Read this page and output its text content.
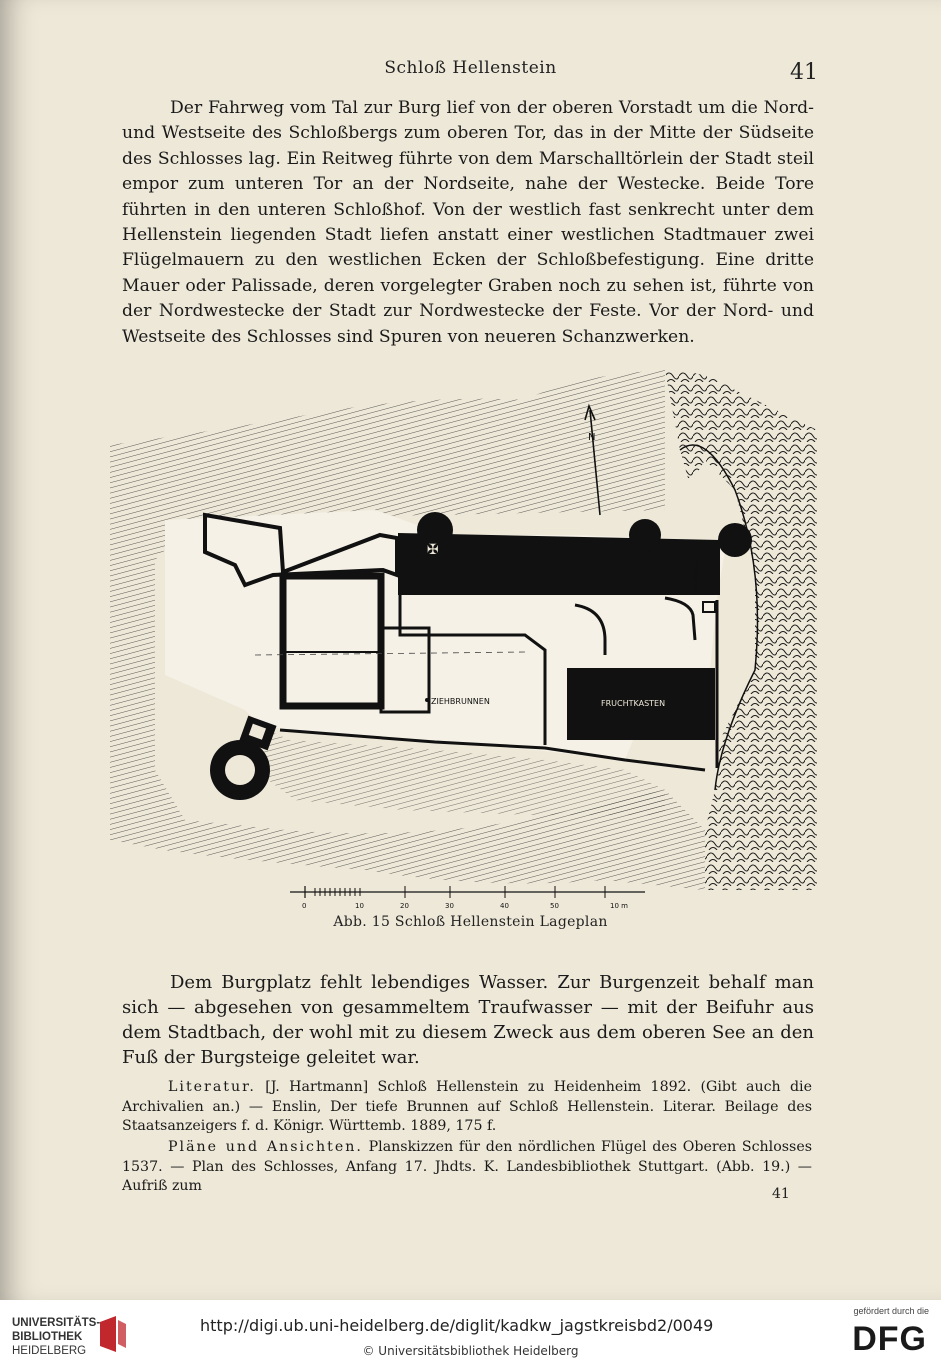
Schloß Hellenstein	41

Der Fahrweg vom Tal zur Burg lief von der oberen Vorstadt um die Nord- und Westseite des Schloßbergs zum oberen Tor, das in der Mitte der Südseite des Schlosses lag. Ein Reitweg führte von dem Marschalltörlein der Stadt steil empor zum unteren Tor an der Nordseite, nahe der Westecke. Beide Tore führten in den unteren Schloßhof. Von der westlich fast senkrecht unter dem Hellenstein liegenden Stadt liefen anstatt einer westlichen Stadtmauer zwei Flügelmauern zu den westlichen Ecken der Schloßbefestigung. Eine dritte Mauer oder Palissade, deren vorgelegter Graben noch zu sehen ist, führte von der Nordwestecke der Stadt zur Nordwestecke der Feste. Vor der Nord- und Westseite des Schlosses sind Spuren von neueren Schanzwerken.

✠
FRUCHTKASTEN
ZIEHBRUNNEN
TORWEG
N
0	10	20	30	40	50	10 m
Abb. 15 Schloß Hellenstein Lageplan

Dem Burgplatz fehlt lebendiges Wasser. Zur Burgenzeit behalf man sich — abgesehen von gesammeltem Traufwasser — mit der Beifuhr aus dem Stadtbach, der wohl mit zu diesem Zweck aus dem oberen See an den Fuß der Burgsteige geleitet war.

Literatur. [J. Hartmann] Schloß Hellenstein zu Heidenheim 1892. (Gibt auch die Archivalien an.) — Enslin, Der tiefe Brunnen auf Schloß Hellenstein. Literar. Beilage des Staatsanzeigers f. d. Königr. Württemb. 1889, 175 f.

Pläne und Ansichten. Planskizzen für den nördlichen Flügel des Oberen Schlosses 1537. — Plan des Schlosses, Anfang 17. Jhdts. K. Landesbibliothek Stuttgart. (Abb. 19.) — Aufriß zum	41
UNIVERSITÄTS-
BIBLIOTHEK
HEIDELBERG
http://digi.ub.uni-heidelberg.de/diglit/kadkw_jagstkreisbd2/0049
© Universitätsbibliothek Heidelberg
gefördert durch die
DFG
